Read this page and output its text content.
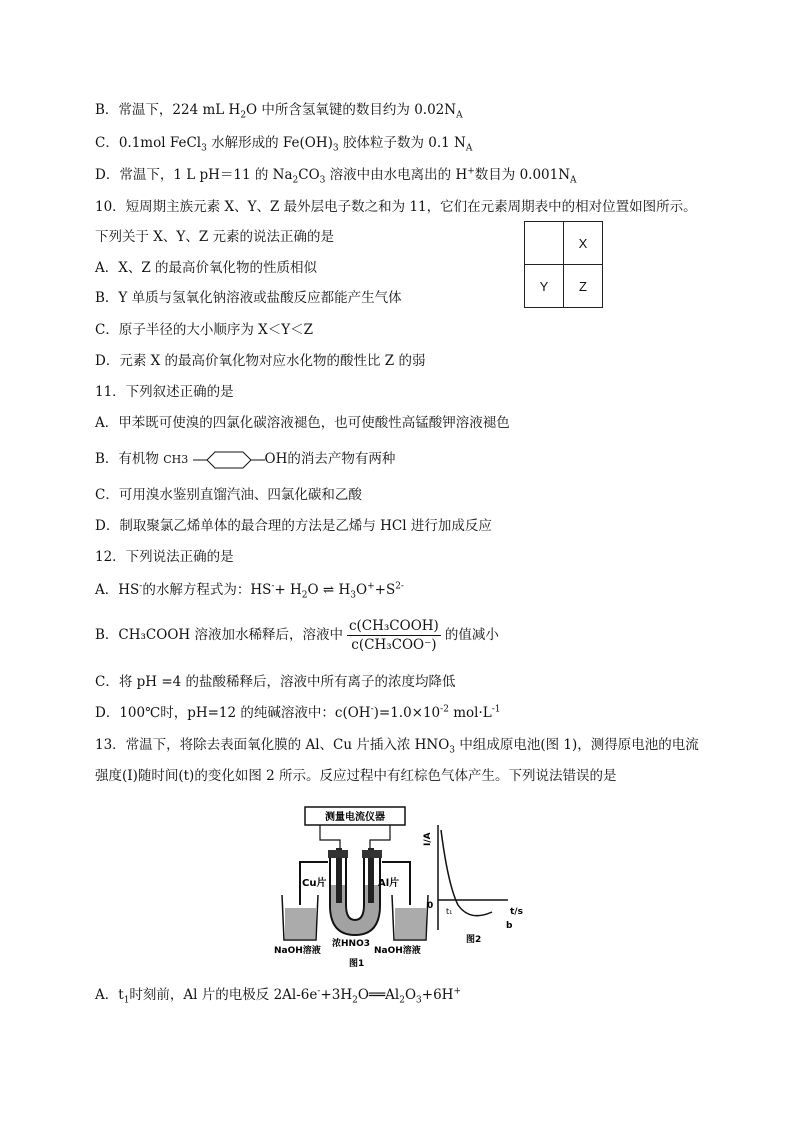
B．常温下，224 mL $H_2O$ 中所含氢氧键的数目约为 $0.02N_A$
C．0.1mol FeCl$_3$ 水解形成的 $Fe(OH)_3$ 胶体粒子数为 0.1 $N_A$
D．常温下，1 L pH＝11 的 $Na_2CO_3$ 溶液中由水电离出的 H+数目为 $0.001N_A$
10．短周期主族元素 X、Y、Z 最外层电子数之和为 11，它们在元素周期表中的相对位置如图所示。
下列关于 X、Y、Z 元素的说法正确的是
		X
Y	Z
A．X、Z 的最高价氧化物的性质相似
B．Y 单质与氢氧化钠溶液或盐酸反应都能产生气体
C．原子半径的大小顺序为 X＜Y＜Z
D．元素 X 的最高价氧化物对应水化物的酸性比 Z 的弱
11．下列叙述正确的是
A．甲苯既可使溴的四氯化碳溶液褪色，也可使酸性高锰酸钾溶液褪色
B．有机物 CH3	OH的消去产物有两种
C．可用溴水鉴别直馏汽油、四氯化碳和乙酸
D．制取聚氯乙烯单体的最合理的方法是乙烯与 HCl 进行加成反应
12．下列说法正确的是
A．HS-的水解方程式为：$HS^-+ H_2O$ ⇌ $H_3O^++S^{2-}$
B．CH₃COOH 溶液加水稀释后，溶液中 $\frac{\text{c(CH₃COOH)}}{\text{c(CH₃COO⁻)}}$ 的值减小
C．将 pH =4 的盐酸稀释后，溶液中所有离子的浓度均降低
D．100℃时，pH=12 的纯碱溶液中：$c(OH^-)=1.0\times 10^{-2}$ $mol\cdot L^{-1}$
13．常温下，将除去表面氧化膜的 Al、Cu 片插入浓 $HNO_3$ 中组成原电池(图 1)，测得原电池的电流
强度(I)随时间(t)的变化如图 2 所示。反应过程中有红棕色气体产生。下列说法错误的是
测量电流仪器
Cu片	Al片
浓HNO3
NaOH溶液	NaOH溶液
图1
I/A
0
t₁	t/s
b
图2
A．$t_1$时刻前，Al 片的电极反 $2Al-6e^-+3H_2O══Al_2O_3+6H^+$
